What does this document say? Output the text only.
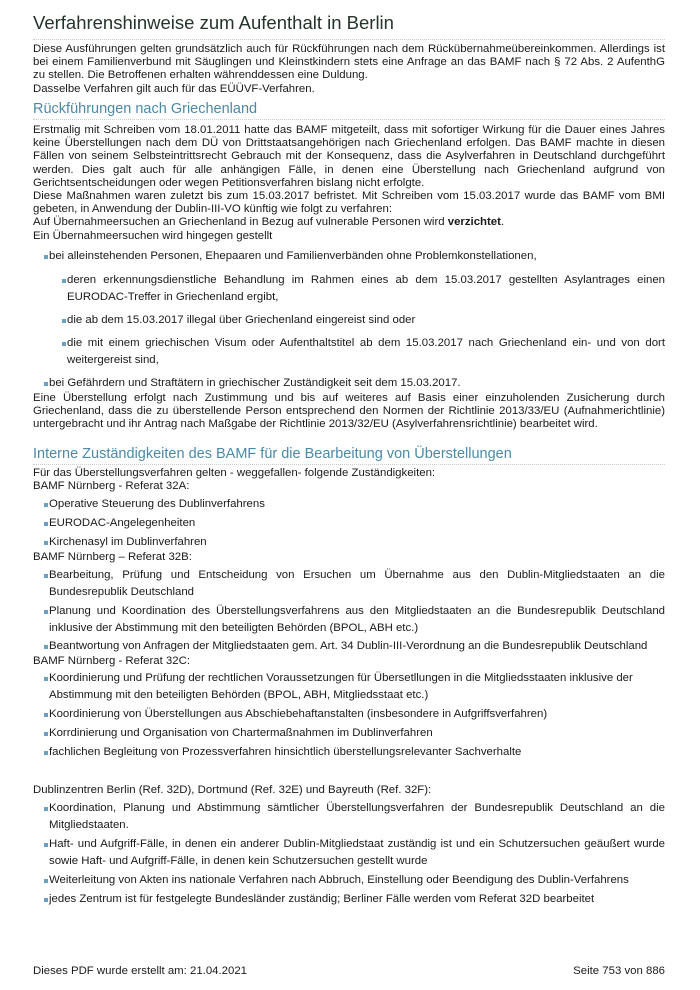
Verfahrenshinweise zum Aufenthalt in Berlin

Diese Ausführungen gelten grundsätzlich auch für Rückführungen nach dem Rückübernahmeübereinkommen. Allerdings ist bei einem Familienverbund mit Säuglingen und Kleinstkindern stets eine Anfrage an das BAMF nach § 72 Abs. 2 AufenthG zu stellen. Die Betroffenen erhalten währenddessen eine Duldung.

Dasselbe Verfahren gilt auch für das EÜÜVF-Verfahren.

Rückführungen nach Griechenland

Erstmalig mit Schreiben vom 18.01.2011 hatte das BAMF mitgeteilt, dass mit sofortiger Wirkung für die Dauer eines Jahres keine Überstellungen nach dem DÜ von Drittstaatsangehörigen nach Griechenland erfolgen. Das BAMF machte in diesen Fällen von seinem Selbsteintrittsrecht Gebrauch mit der Konsequenz, dass die Asylverfahren in Deutschland durchgeführt werden. Dies galt auch für alle anhängigen Fälle, in denen eine Überstellung nach Griechenland aufgrund von Gerichtsentscheidungen oder wegen Petitionsverfahren bislang nicht erfolgte.

Diese Maßnahmen waren zuletzt bis zum 15.03.2017 befristet. Mit Schreiben vom 15.03.2017 wurde das BAMF vom BMI gebeten, in Anwendung der Dublin-III-VO künftig wie folgt zu verfahren:

Auf Übernahmeersuchen an Griechenland in Bezug auf vulnerable Personen wird verzichtet.

Ein Übernahmeersuchen wird hingegen gestellt

bei alleinstehenden Personen, Ehepaaren und Familienverbänden ohne Problemkonstellationen,
deren erkennungsdienstliche Behandlung im Rahmen eines ab dem 15.03.2017 gestellten Asylantrages einen EURODAC-Treffer in Griechenland ergibt,
die ab dem 15.03.2017 illegal über Griechenland eingereist sind oder
die mit einem griechischen Visum oder Aufenthaltstitel ab dem 15.03.2017 nach Griechenland ein- und von dort weitergereist sind,
bei Gefährdern und Straftätern in griechischer Zuständigkeit seit dem 15.03.2017.

Eine Überstellung erfolgt nach Zustimmung und bis auf weiteres auf Basis einer einzuholenden Zusicherung durch Griechenland, dass die zu überstellende Person entsprechend den Normen der Richtlinie 2013/33/EU (Aufnahmerichtlinie) untergebracht und ihr Antrag nach Maßgabe der Richtlinie 2013/32/EU (Asylverfahrensrichtlinie) bearbeitet wird.

Interne Zuständigkeiten des BAMF für die Bearbeitung von Überstellungen

Für das Überstellungsverfahren gelten - weggefallen- folgende Zuständigkeiten:

BAMF Nürnberg - Referat 32A:

Operative Steuerung des Dublinverfahrens
EURODAC-Angelegenheiten
Kirchenasyl im Dublinverfahren

BAMF Nürnberg – Referat 32B:

Bearbeitung, Prüfung und Entscheidung von Ersuchen um Übernahme aus den Dublin-Mitgliedstaaten an die Bundesrepublik Deutschland
Planung und Koordination des Überstellungsverfahrens aus den Mitgliedstaaten an die Bundesrepublik Deutschland inklusive der Abstimmung mit den beteiligten Behörden (BPOL, ABH etc.)
Beantwortung von Anfragen der Mitgliedstaaten gem. Art. 34 Dublin-III-Verordnung an die Bundesrepublik Deutschland

BAMF Nürnberg - Referat 32C:

Koordinierung und Prüfung der rechtlichen Voraussetzungen für Übersetllungen in die Mitgliedsstaaten inklusive der Abstimmung mit den beteiligten Behörden (BPOL, ABH, Mitgliedsstaat etc.)
Koordinierung von Überstellungen aus Abschiebehaftanstalten (insbesondere in Aufgriffsverfahren)
Korrdinierung und Organisation von Chartermaßnahmen im Dublinverfahren
fachlichen Begleitung von Prozessverfahren hinsichtlich überstellungsrelevanter Sachverhalte

Dublinzentren Berlin (Ref. 32D), Dortmund (Ref. 32E) und Bayreuth (Ref. 32F):

Koordination, Planung und Abstimmung sämtlicher Überstellungsverfahren der Bundesrepublik Deutschland an die Mitgliedstaaten.
Haft- und Aufgriff-Fälle, in denen ein anderer Dublin-Mitgliedstaat zuständig ist und ein Schutzersuchen geäußert wurde sowie Haft- und Aufgriff-Fälle, in denen kein Schutzersuchen gestellt wurde
Weiterleitung von Akten ins nationale Verfahren nach Abbruch, Einstellung oder Beendigung des Dublin-Verfahrens
jedes Zentrum ist für festgelegte Bundesländer zuständig; Berliner Fälle werden vom Referat 32D bearbeitet
Dieses PDF wurde erstellt am: 21.04.2021	Seite 753 von 886
